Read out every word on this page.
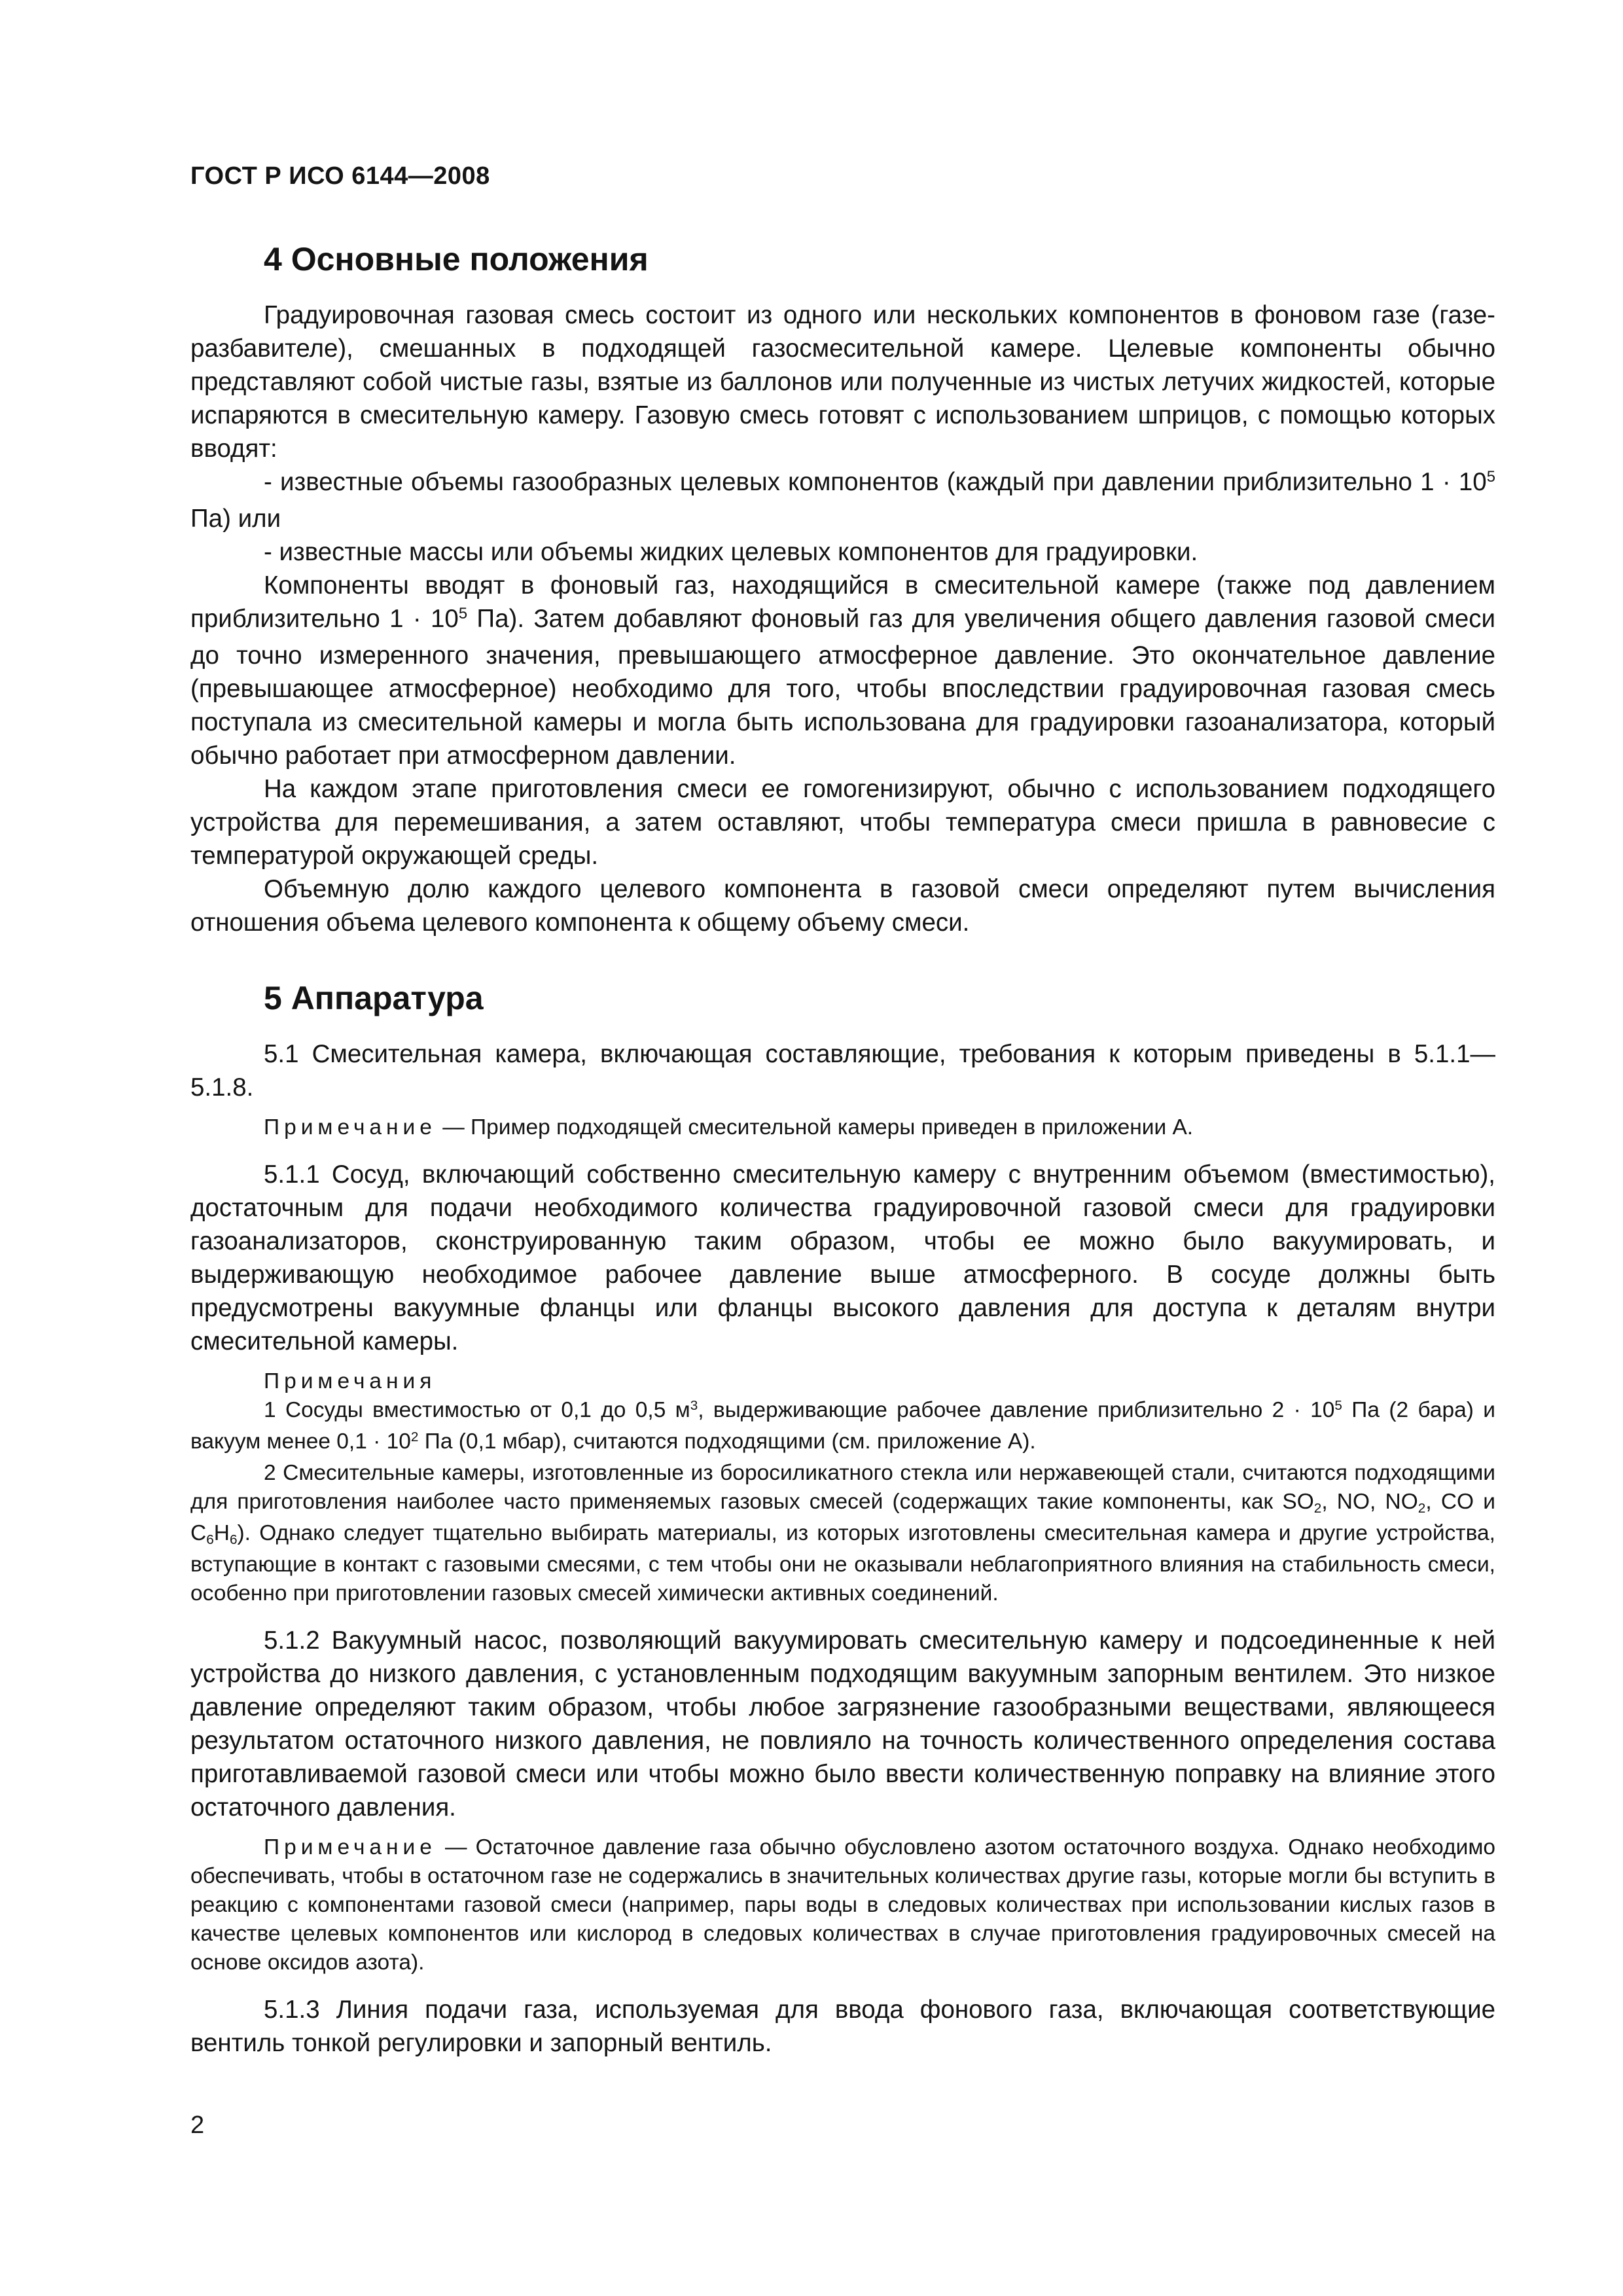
ГОСТ Р ИСО 6144—2008
4 Основные положения

Градуировочная газовая смесь состоит из одного или нескольких компонентов в фоновом газе (газе-разбавителе), смешанных в подходящей газосмесительной камере. Целевые компоненты обычно представляют собой чистые газы, взятые из баллонов или полученные из чистых летучих жидкостей, которые испаряются в смесительную камеру. Газовую смесь готовят с использованием шприцов, с помощью которых вводят:

- известные объемы газообразных целевых компонентов (каждый при давлении приблизительно $1 \cdot 10^5$ Па) или

- известные массы или объемы жидких целевых компонентов для градуировки.

Компоненты вводят в фоновый газ, находящийся в смесительной камере (также под давлением приблизительно $1 \cdot 10^5$ Па). Затем добавляют фоновый газ для увеличения общего давления газовой смеси до точно измеренного значения, превышающего атмосферное давление. Это окончательное давление (превышающее атмосферное) необходимо для того, чтобы впоследствии градуировочная газовая смесь поступала из смесительной камеры и могла быть использована для градуировки газоанализатора, который обычно работает при атмосферном давлении.

На каждом этапе приготовления смеси ее гомогенизируют, обычно с использованием подходящего устройства для перемешивания, а затем оставляют, чтобы температура смеси пришла в равновесие с температурой окружающей среды.

Объемную долю каждого целевого компонента в газовой смеси определяют путем вычисления отношения объема целевого компонента к общему объему смеси.

5 Аппаратура

5.1 Смесительная камера, включающая составляющие, требования к которым приведены в 5.1.1—5.1.8.

Примечание — Пример подходящей смесительной камеры приведен в приложении А.

5.1.1 Сосуд, включающий собственно смесительную камеру с внутренним объемом (вместимостью), достаточным для подачи необходимого количества градуировочной газовой смеси для градуировки газоанализаторов, сконструированную таким образом, чтобы ее можно было вакуумировать, и выдерживающую необходимое рабочее давление выше атмосферного. В сосуде должны быть предусмотрены вакуумные фланцы или фланцы высокого давления для доступа к деталям внутри смесительной камеры.

Примечания

1 Сосуды вместимостью от 0,1 до 0,5 $м^3$, выдерживающие рабочее давление приблизительно $2 \cdot 10^5$ Па (2 бара) и вакуум менее $0,1 \cdot 10^2$ Па (0,1 мбар), считаются подходящими (см. приложение А).

2 Смесительные камеры, изготовленные из боросиликатного стекла или нержавеющей стали, считаются подходящими для приготовления наиболее часто применяемых газовых смесей (содержащих такие компоненты, как $SO_2$, NO, $NO_2$, CO и $C_6H_6$). Однако следует тщательно выбирать материалы, из которых изготовлены смесительная камера и другие устройства, вступающие в контакт с газовыми смесями, с тем чтобы они не оказывали неблагоприятного влияния на стабильность смеси, особенно при приготовлении газовых смесей химически активных соединений.

5.1.2 Вакуумный насос, позволяющий вакуумировать смесительную камеру и подсоединенные к ней устройства до низкого давления, с установленным подходящим вакуумным запорным вентилем. Это низкое давление определяют таким образом, чтобы любое загрязнение газообразными веществами, являющееся результатом остаточного низкого давления, не повлияло на точность количественного определения состава приготавливаемой газовой смеси или чтобы можно было ввести количественную поправку на влияние этого остаточного давления.

Примечание — Остаточное давление газа обычно обусловлено азотом остаточного воздуха. Однако необходимо обеспечивать, чтобы в остаточном газе не содержались в значительных количествах другие газы, которые могли бы вступить в реакцию с компонентами газовой смеси (например, пары воды в следовых количествах при использовании кислых газов в качестве целевых компонентов или кислород в следовых количествах в случае приготовления градуировочных смесей на основе оксидов азота).

5.1.3 Линия подачи газа, используемая для ввода фонового газа, включающая соответствующие вентиль тонкой регулировки и запорный вентиль.

2
